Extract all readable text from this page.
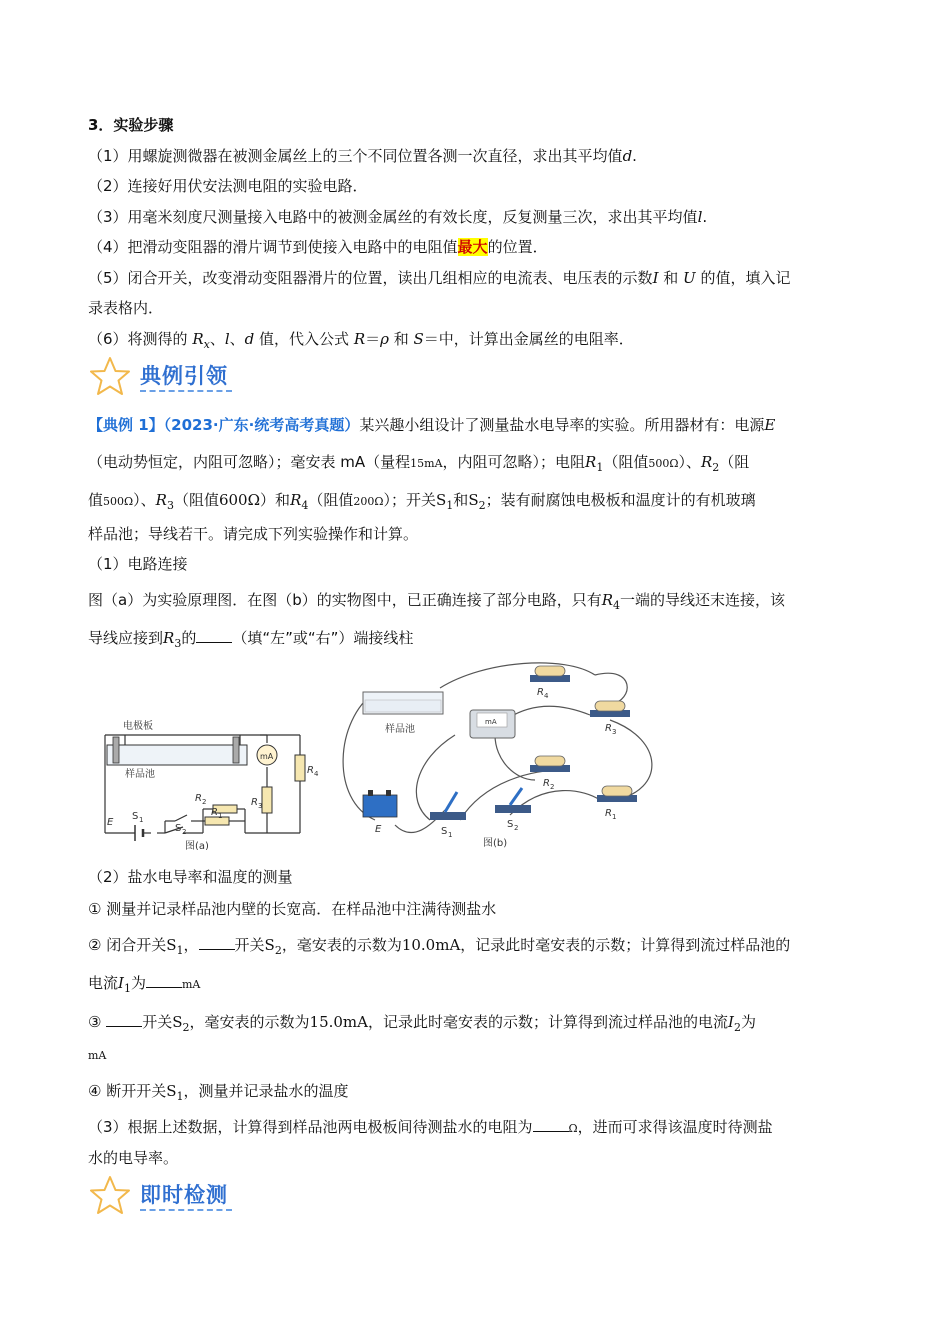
3．实验步骤
（1）用螺旋测微器在被测金属丝上的三个不同位置各测一次直径，求出其平均值d.
（2）连接好用伏安法测电阻的实验电路．
（3）用毫米刻度尺测量接入电路中的被测金属丝的有效长度，反复测量三次，求出其平均值l.
（4）把滑动变阻器的滑片调节到使接入电路中的电阻值最大的位置．
（5）闭合开关，改变滑动变阻器滑片的位置，读出几组相应的电流表、电压表的示数I 和 U 的值，填入记
录表格内．
（6）将测得的 $R_x$、l、d 值，代入公式 R＝ρ 和 S＝中，计算出金属丝的电阻率．
典例引领
【典例 1】（2023·广东·统考高考真题）某兴趣小组设计了测量盐水电导率的实验。所用器材有：电源E
（电动势恒定，内阻可忽略）；毫安表 mA（量程15mA，内阻可忽略）；电阻$R_1$（阻值500Ω）、$R_2$（阻
值500Ω）、$R_3$（阻值600Ω）和$R_4$（阻值200Ω）；开关$S_1$和$S_2$；装有耐腐蚀电极板和温度计的有机玻璃
样品池；导线若干。请完成下列实验操作和计算。
（1）电路连接
图（a）为实验原理图．在图（b）的实物图中，已正确连接了部分电路，只有$R_4$一端的导线还末连接，该
导线应接到$R_3$的 （填“左”或“右”）端接线柱
电极板
样品池
mA
R 4
R 3
R 2
R 1
S 1
S 2
E
图(a)
样品池
mA
R 4
R 3
R 2
R 1
E	S 1
S 2
图(b)
（2）盐水电导率和温度的测量
① 测量并记录样品池内壁的长宽高．在样品池中注满待测盐水
② 闭合开关$S_1$， 开关$S_2$，毫安表的示数为10.0mA，记录此时毫安表的示数；计算得到流过样品池的
电流$I_1$为	mA
③ 开关$S_2$，毫安表的示数为15.0mA，记录此时毫安表的示数；计算得到流过样品池的电流$I_2$为
mA
④ 断开开关$S_1$，测量并记录盐水的温度
（3）根据上述数据，计算得到样品池两电极板间待测盐水的电阻为	Ω，进而可求得该温度时待测盐
水的电导率。
即时检测
